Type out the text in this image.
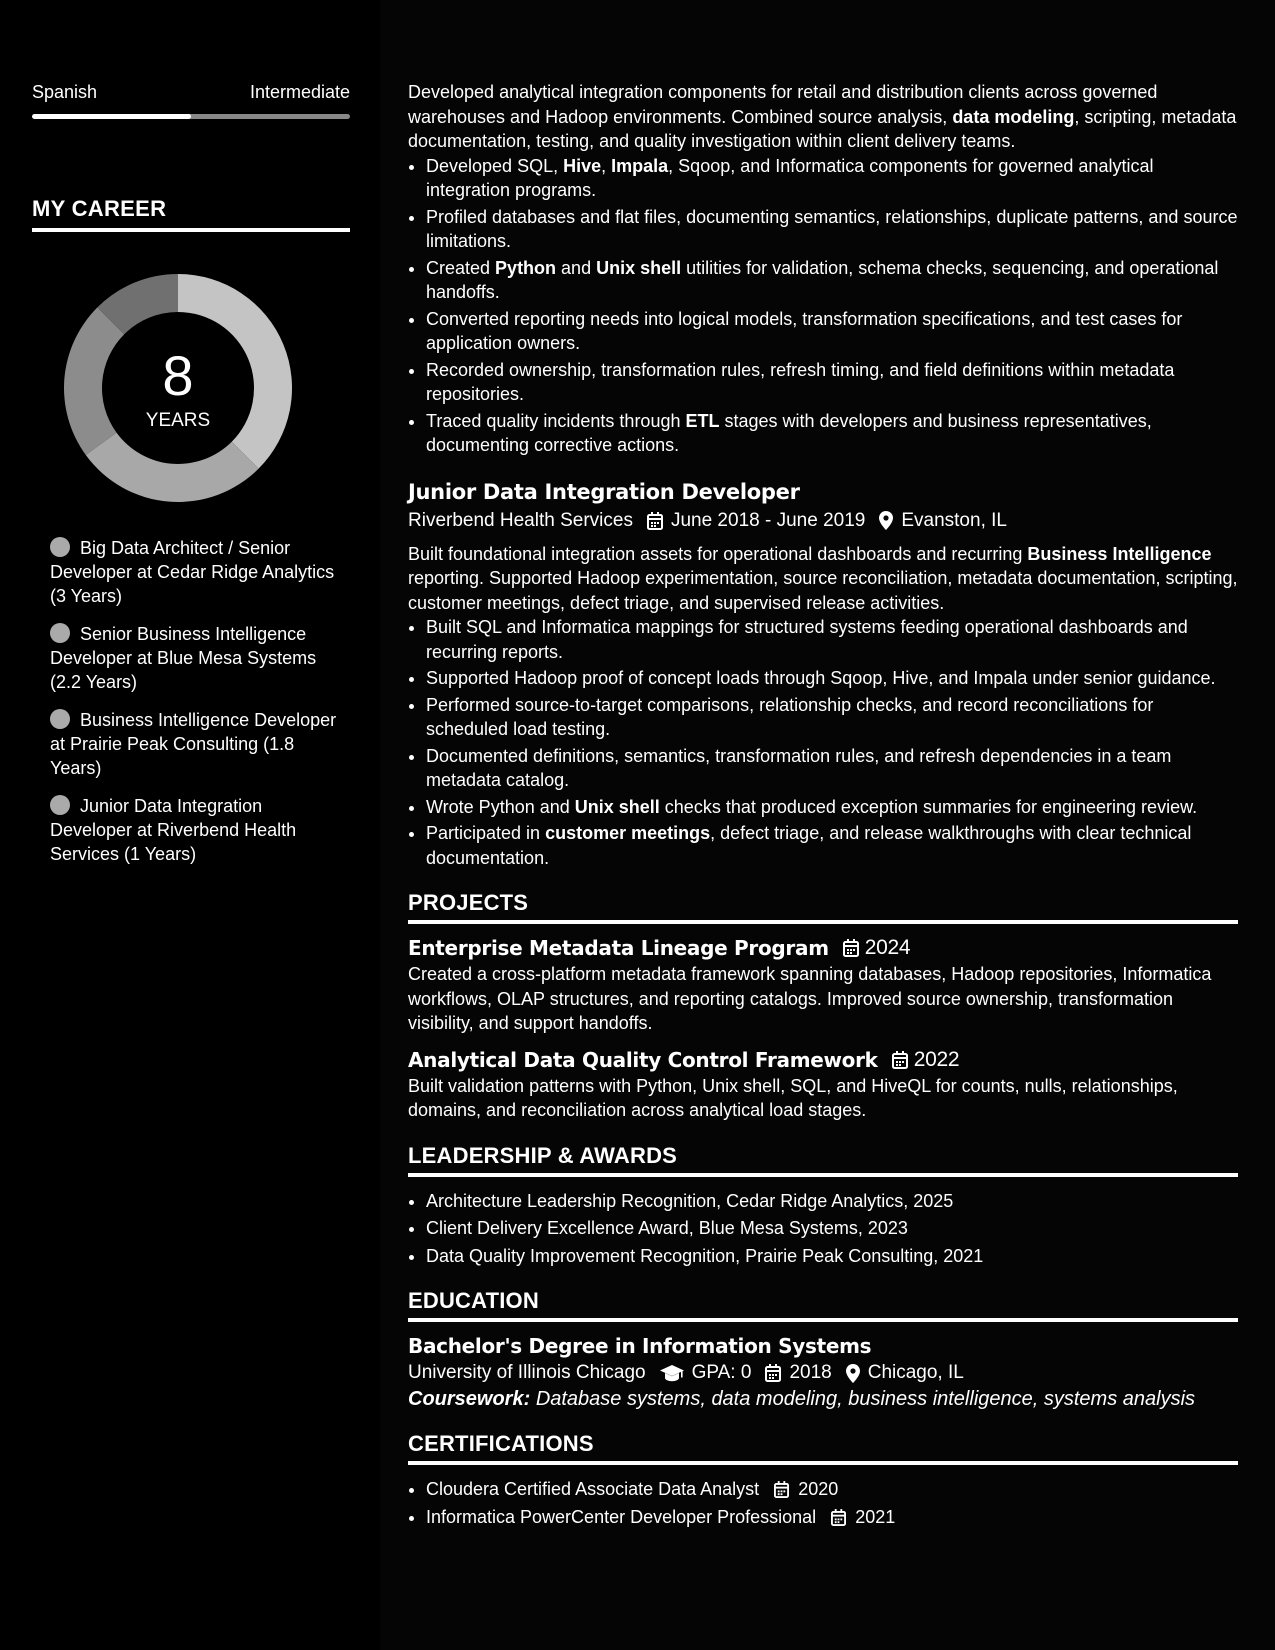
Spanish	Intermediate
MY CAREER
8
YEARS
Big Data Architect / Senior Developer at Cedar Ridge Analytics (3 Years)
Senior Business Intelligence Developer at Blue Mesa Systems (2.2 Years)
Business Intelligence Developer at Prairie Peak Consulting (1.8 Years)
Junior Data Integration Developer at Riverbend Health Services (1 Years)

Developed analytical integration components for retail and distribution clients across governed warehouses and Hadoop environments. Combined source analysis, data modeling, scripting, metadata documentation, testing, and quality investigation within client delivery teams.

• Developed SQL, Hive, Impala, Sqoop, and Informatica components for governed analytical integration programs.
• Profiled databases and flat files, documenting semantics, relationships, duplicate patterns, and source limitations.
• Created Python and Unix shell utilities for validation, schema checks, sequencing, and operational handoffs.
• Converted reporting needs into logical models, transformation specifications, and test cases for application owners.
• Recorded ownership, transformation rules, refresh timing, and field definitions within metadata repositories.
• Traced quality incidents through ETL stages with developers and business representatives, documenting corrective actions.
Junior Data Integration Developer
Riverbend Health Services June 2018 - June 2019 Evanston, IL

Built foundational integration assets for operational dashboards and recurring Business Intelligence reporting. Supported Hadoop experimentation, source reconciliation, metadata documentation, scripting, customer meetings, defect triage, and supervised release activities.

• Built SQL and Informatica mappings for structured systems feeding operational dashboards and recurring reports.
• Supported Hadoop proof of concept loads through Sqoop, Hive, and Impala under senior guidance.
• Performed source-to-target comparisons, relationship checks, and record reconciliations for scheduled load testing.
• Documented definitions, semantics, transformation rules, and refresh dependencies in a team metadata catalog.
• Wrote Python and Unix shell checks that produced exception summaries for engineering review.
• Participated in customer meetings, defect triage, and release walkthroughs with clear technical documentation.
PROJECTS
Enterprise Metadata Lineage Program 2024

Created a cross-platform metadata framework spanning databases, Hadoop repositories, Informatica workflows, OLAP structures, and reporting catalogs. Improved source ownership, transformation visibility, and support handoffs.

Analytical Data Quality Control Framework 2022

Built validation patterns with Python, Unix shell, SQL, and HiveQL for counts, nulls, relationships, domains, and reconciliation across analytical load stages.

LEADERSHIP & AWARDS
• Architecture Leadership Recognition, Cedar Ridge Analytics, 2025
• Client Delivery Excellence Award, Blue Mesa Systems, 2023
• Data Quality Improvement Recognition, Prairie Peak Consulting, 2021
EDUCATION
Bachelor's Degree in Information Systems
University of Illinois Chicago GPA: 0 2018 Chicago, IL
Coursework: Database systems, data modeling, business intelligence, systems analysis
CERTIFICATIONS
• Cloudera Certified Associate Data Analyst 2020
• Informatica PowerCenter Developer Professional 2021
